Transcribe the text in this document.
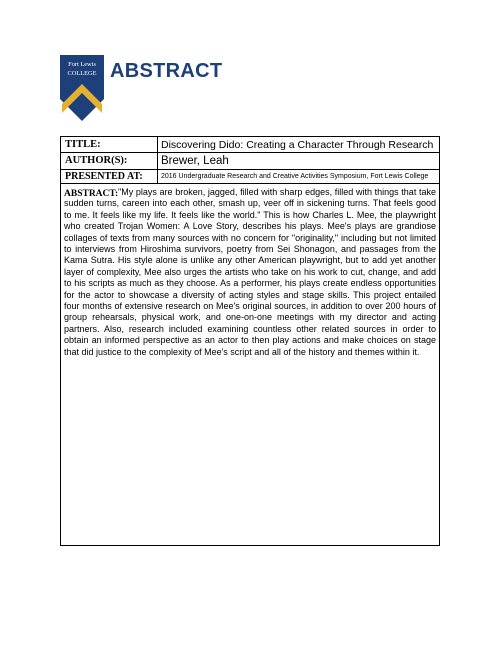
Fort Lewis
COLLEGE ABSTRACT
TITLE:	Discovering Dido: Creating a Character Through Research
AUTHOR(S):	Brewer, Leah
PRESENTED AT:	2016 Undergraduate Research and Creative Activities Symposium, Fort Lewis College
ABSTRACT: "My plays are broken, jagged, filled with sharp edges, filled with things that take sudden turns, careen into each other, smash up, veer off in sickening turns. That feels good to me. It feels like my life. It feels like the world." This is how Charles L. Mee, the playwright who created Trojan Women: A Love Story, describes his plays. Mee's plays are grandiose collages of texts from many sources with no concern for "originality," including but not limited to interviews from Hiroshima survivors, poetry from Sei Shonagon, and passages from the Kama Sutra. His style alone is unlike any other American playwright, but to add yet another layer of complexity, Mee also urges the artists who take on his work to cut, change, and add to his scripts as much as they choose. As a performer, his plays create endless opportunities for the actor to showcase a diversity of acting styles and stage skills. This project entailed four months of extensive research on Mee's original sources, in addition to over 200 hours of group rehearsals, physical work, and one-on-one meetings with my director and acting partners. Also, research included examining countless other related sources in order to obtain an informed perspective as an actor to then play actions and make choices on stage that did justice to the complexity of Mee's script and all of the history and themes within it.
